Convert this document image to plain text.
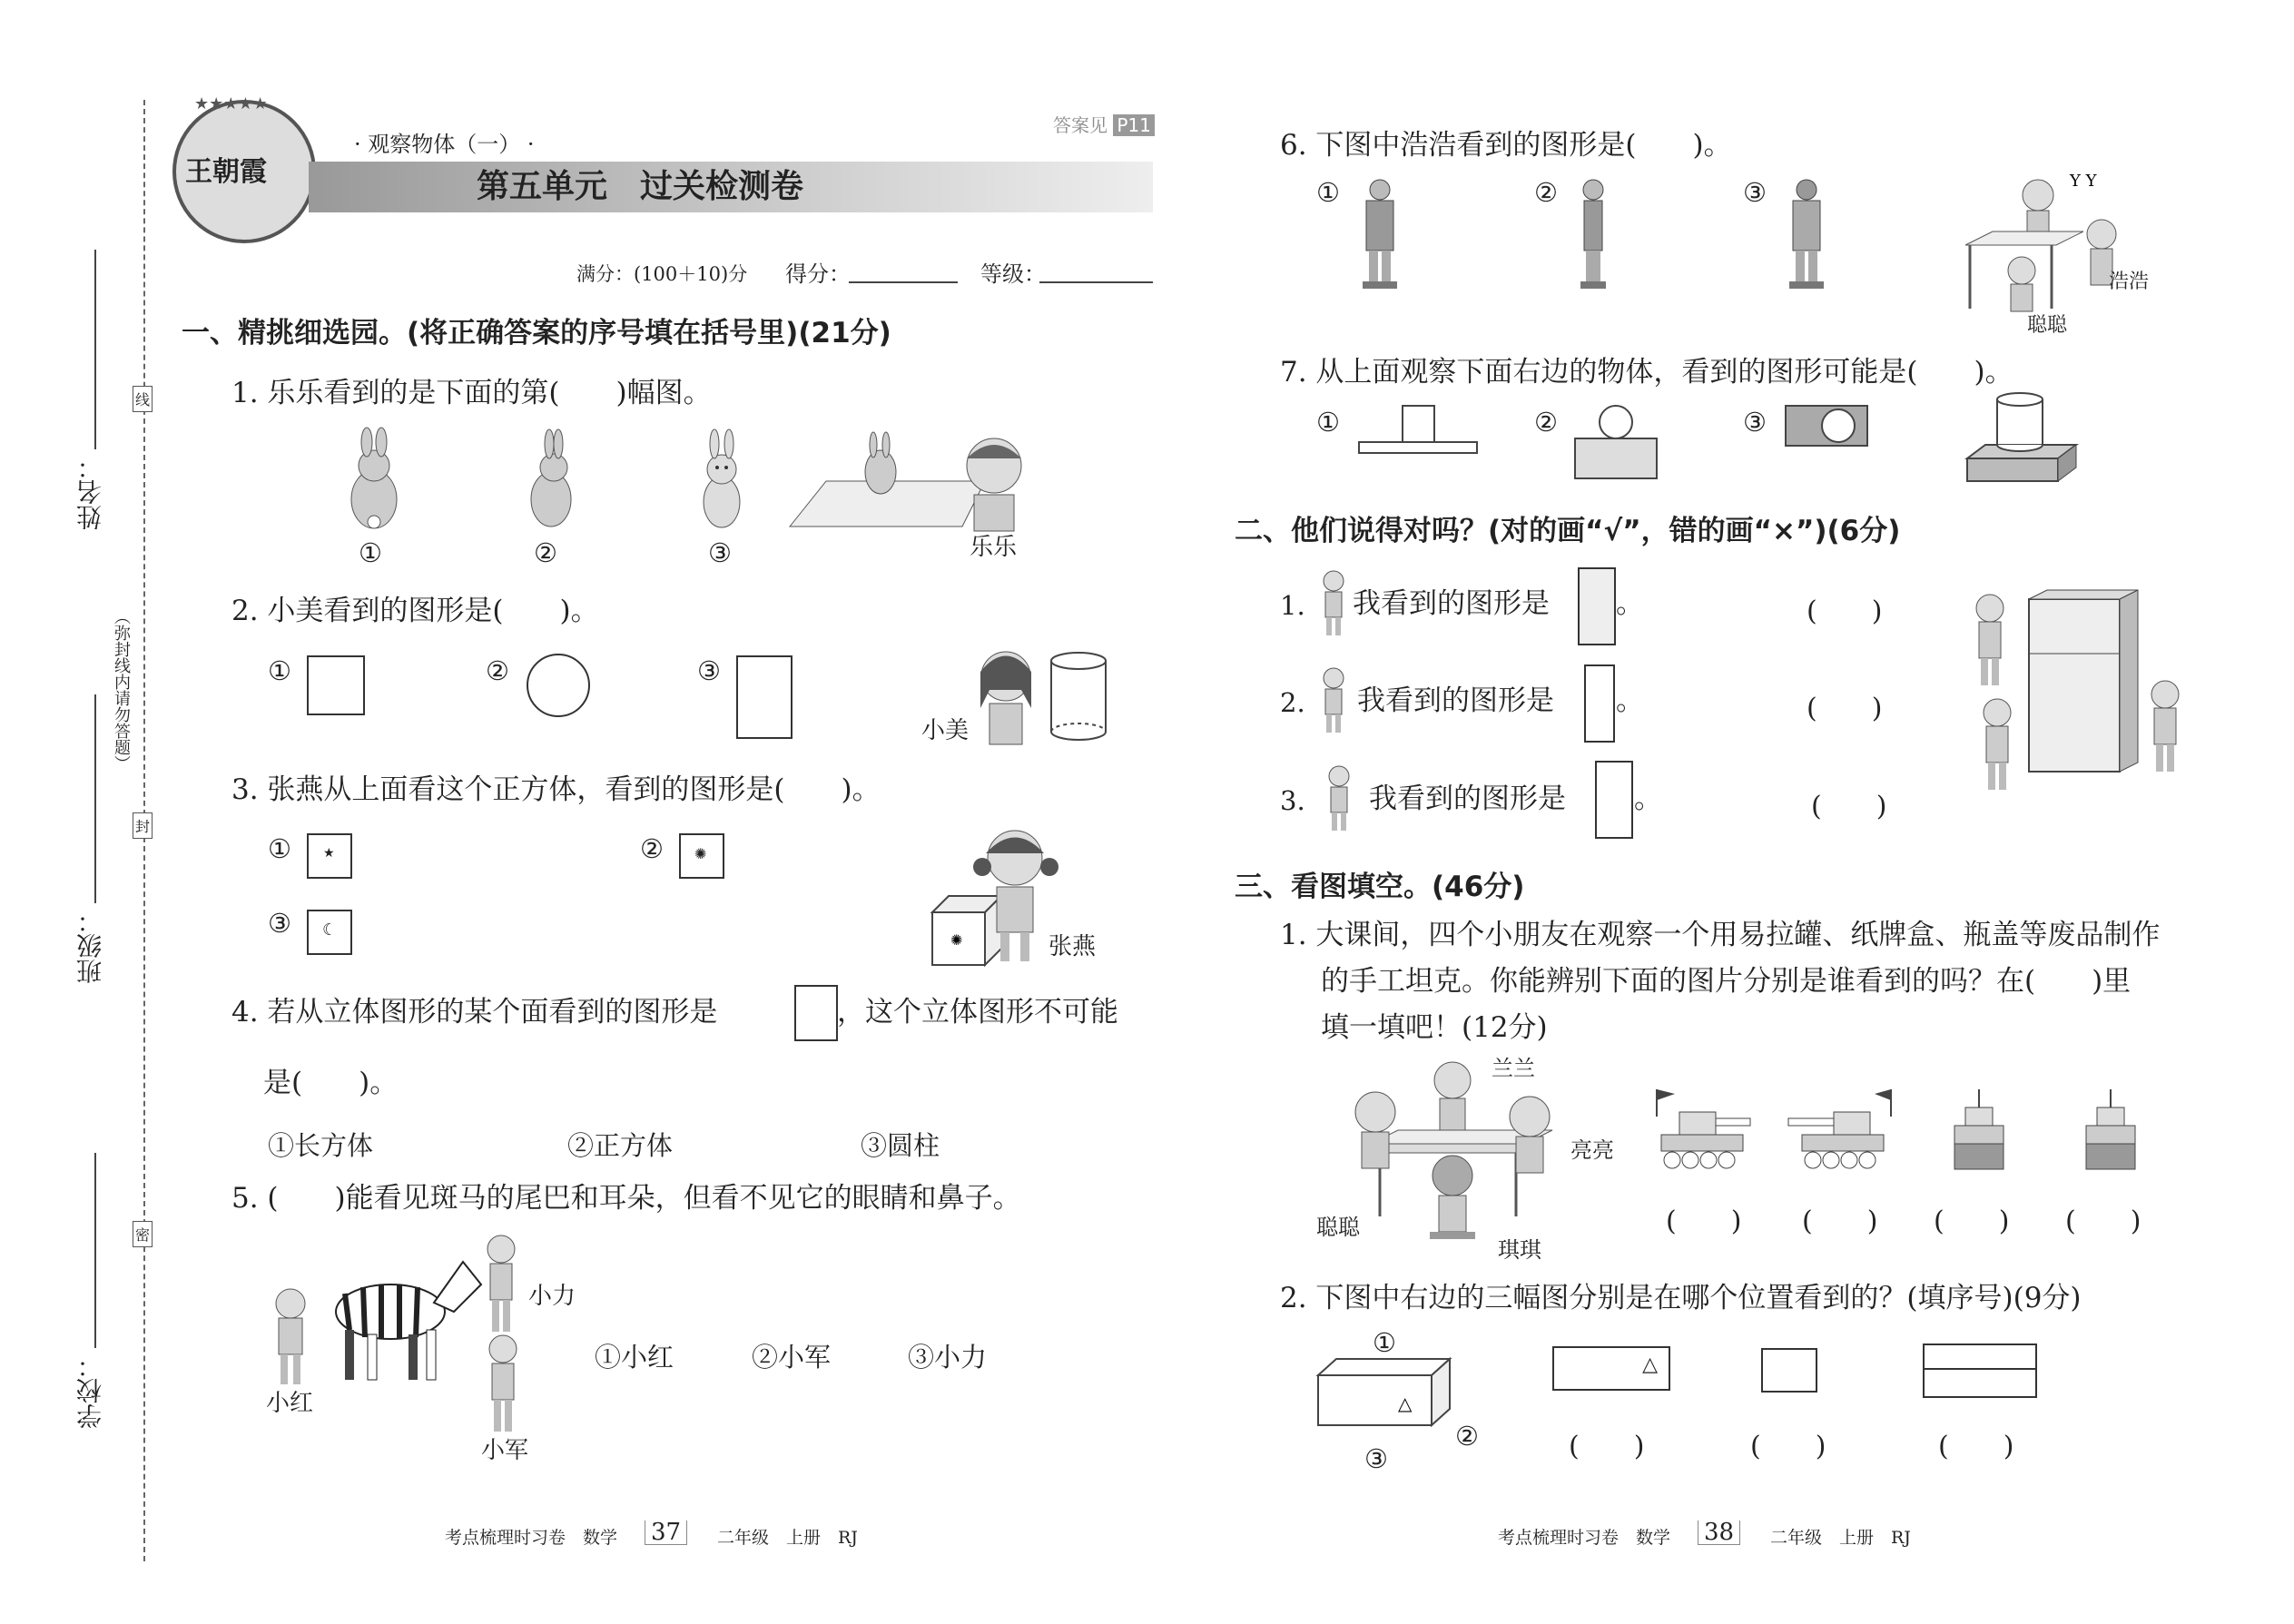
姓名：
班级：
学校：
（弥封线内请勿答题）
线
封
密
王朝霞
★★★★★
· 观察物体（一） ·
第五单元　过关检测卷
答案见 P11
满分：(100＋10)分 得分：	等级：
一、精挑细选园。(将正确答案的序号填在括号里)(21分)
1. 乐乐看到的是下面的第(　　)幅图。
①	②	③	乐乐
2. 小美看到的图形是(　　)。
①	②	③
小美
3. 张燕从上面看这个正方体，看到的图形是(　　)。
①	★	② ✺
③ ☾
✺	张燕
4. 若从立体图形的某个面看到的图形是	，这个立体图形不可能
是(　　)。
①长方体	②正方体	③圆柱
5. (　　)能看见斑马的尾巴和耳朵，但看不见它的眼睛和鼻子。
小力
小红
小军
①小红	②小军	③小力
考点梳理时习卷　数学 37	二年级　上册　RJ
6. 下图中浩浩看到的图形是(　　)。
①	②	③	Y Y
浩浩
聪聪
7. 从上面观察下面右边的物体，看到的图形可能是(　　)。
①	②	③
二、他们说得对吗？(对的画“√”，错的画“×”)(6分)
1. 我看到的图形是 。	(　　)
2. 我看到的图形是 。	(　　)
3. 我看到的图形是 。	(　　)
三、看图填空。(46分)
1. 大课间，四个小朋友在观察一个用易拉罐、纸牌盒、瓶盖等废品制作
的手工坦克。你能辨别下面的图片分别是谁看到的吗？在(　　)里
填一填吧！(12分)
兰兰
亮亮
聪聪
琪琪
(　　) (　　) (　　) (　　)
2. 下图中右边的三幅图分别是在哪个位置看到的？(填序号)(9分)
△
①
②
③
△
(　　)	(　　)	(　　)
考点梳理时习卷　数学 38	二年级　上册　RJ
